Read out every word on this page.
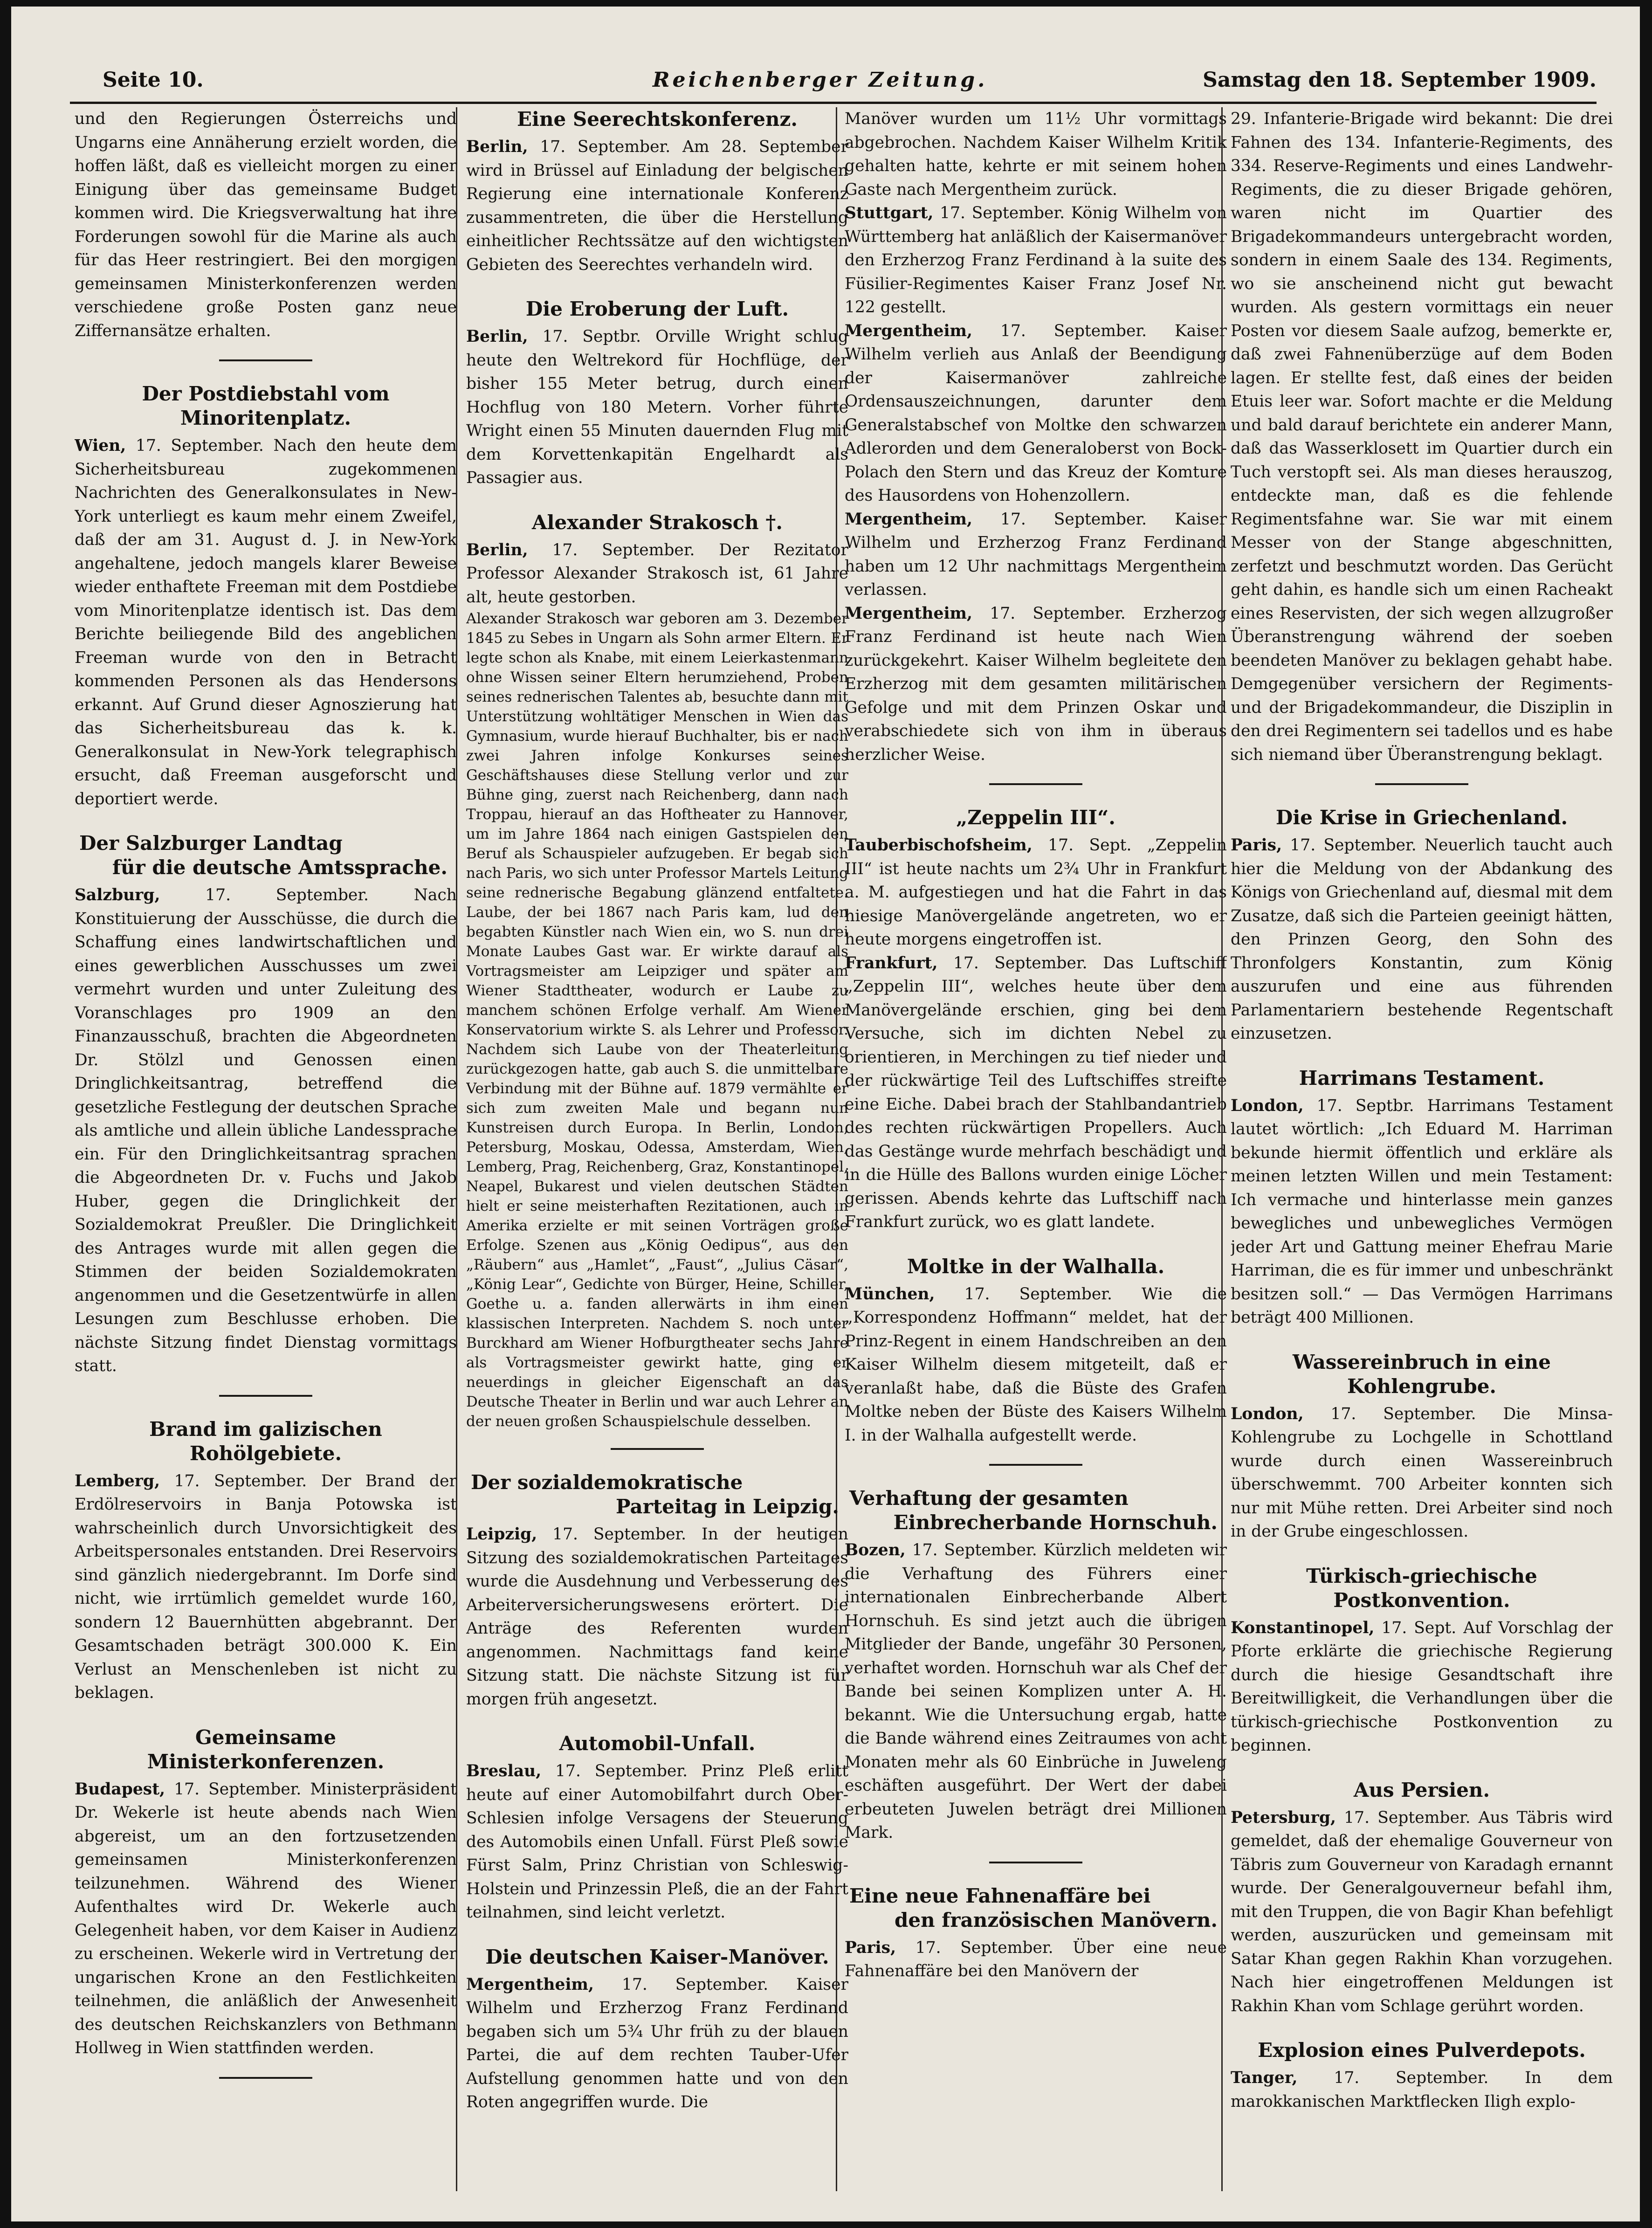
Seite 10.	Reichenberger Zeitung.	Samstag den 18. September 1909.

und den Regierungen Österreichs und Ungarns eine Annäherung erzielt worden, die hoffen läßt, daß es vielleicht morgen zu einer Einigung über das gemeinsame Budget kommen wird. Die Kriegsverwaltung hat ihre Forderungen sowohl für die Marine als auch für das Heer restringiert. Bei den morgigen gemeinsamen Ministerkonferenzen werden verschiedene große Posten ganz neue Ziffernansätze erhalten.

Der Postdiebstahl vom Minoritenplatz.

Wien, 17. September. Nach den heute dem Sicherheitsbureau zugekommenen Nachrichten des Generalkonsulates in New-York unterliegt es kaum mehr einem Zweifel, daß der am 31. August d. J. in New-York angehaltene, jedoch mangels klarer Beweise wieder enthaftete Freeman mit dem Postdiebe vom Minoritenplatze identisch ist. Das dem Berichte beiliegende Bild des angeblichen Freeman wurde von den in Betracht kommenden Personen als das Hendersons erkannt. Auf Grund dieser Agnoszierung hat das Sicherheitsbureau das k. k. Generalkonsulat in New-York telegraphisch ersucht, daß Freeman ausgeforscht und deportiert werde.

Der Salzburger Landtag
für die deutsche Amtssprache.

Salzburg,	17. September. Nach Konstituierung der Ausschüsse, die durch die Schaffung eines landwirtschaftlichen und eines gewerblichen Ausschusses um zwei vermehrt wurden und unter Zuleitung des Voranschlages pro 1909 an den Finanzausschuß, brachten die Abgeordneten Dr. Stölzl und Genossen einen Dringlichkeitsantrag, betreffend die gesetzliche Festlegung der deutschen Sprache als amtliche und allein übliche Landessprache ein. Für den Dringlichkeitsantrag sprachen die Abgeordneten Dr. v. Fuchs und Jakob Huber, gegen die Dringlichkeit der Sozialdemokrat Preußler. Die Dringlichkeit des Antrages wurde mit allen gegen die Stimmen der beiden Sozialdemokraten angenommen und die Gesetzentwürfe in allen Lesungen zum Beschlusse erhoben. Die nächste Sitzung findet Dienstag vormittags statt.

Brand im galizischen Rohölgebiete.

Lemberg, 17. September. Der Brand der Erdölreservoirs in Banja Potowska ist wahrscheinlich durch Unvorsichtigkeit des Arbeitspersonales entstanden. Drei Reservoirs sind gänzlich niedergebrannt. Im Dorfe sind nicht, wie irrtümlich gemeldet wurde 160, sondern 12 Bauernhütten abgebrannt. Der Gesamtschaden beträgt 300.000 K. Ein Verlust an Menschenleben ist nicht zu beklagen.

Gemeinsame Ministerkonferenzen.

Budapest, 17. September. Ministerpräsident Dr. Wekerle ist heute abends nach Wien abgereist, um an den fortzusetzenden gemeinsamen Ministerkonferenzen teilzunehmen. Während des Wiener Aufenthaltes wird Dr. Wekerle auch Gelegenheit haben, vor dem Kaiser in Audienz zu erscheinen. Wekerle wird in Vertretung der ungarischen Krone an den Festlichkeiten teilnehmen, die anläßlich der Anwesenheit des deutschen Reichskanzlers von Bethmann Hollweg in Wien stattfinden werden.

Eine Seerechtskonferenz.

Berlin, 17. September. Am 28. September wird in Brüssel auf Einladung der belgischen Regierung eine internationale Konferenz zusammentreten, die über die Herstellung einheitlicher Rechtssätze auf den wichtigsten Gebieten des Seerechtes verhandeln wird.

Die Eroberung der Luft.

Berlin, 17. Septbr. Orville Wright schlug heute den Weltrekord für Hochflüge, der bisher 155 Meter betrug, durch einen Hochflug von 180 Metern. Vorher führte Wright einen 55 Minuten dauernden Flug mit dem Korvettenkapitän Engelhardt als Passagier aus.

Alexander Strakosch †.

Berlin, 17. September. Der Rezitator Professor Alexander Strakosch ist, 61 Jahre alt, heute gestorben.

Alexander Strakosch war geboren am 3. Dezember 1845 zu Sebes in Ungarn als Sohn armer Eltern. Er legte schon als Knabe, mit einem Leierkastenmann ohne Wissen seiner Eltern herumziehend, Proben seines rednerischen Talentes ab, besuchte dann mit Unterstützung wohltätiger Menschen in Wien das Gymnasium, wurde hierauf Buchhalter, bis er nach zwei Jahren infolge Konkurses seines Geschäftshauses diese Stellung verlor und zur Bühne ging, zuerst nach Reichenberg, dann nach Troppau, hierauf an das Hoftheater zu Hannover, um im Jahre 1864 nach einigen Gastspielen den Beruf als Schauspieler aufzugeben. Er begab sich nach Paris, wo sich unter Professor Martels Leitung seine rednerische Begabung glänzend entfaltete. Laube, der bei 1867 nach Paris kam, lud den begabten Künstler nach Wien ein, wo S. nun drei Monate Laubes Gast war. Er wirkte darauf als Vortragsmeister am Leipziger und später am Wiener Stadttheater, wodurch er Laube zu manchem schönen Erfolge verhalf. Am Wiener Konservatorium wirkte S. als Lehrer und Professor. Nachdem sich Laube von der Theaterleitung zurückgezogen hatte, gab auch S. die unmittelbare Verbindung mit der Bühne auf. 1879 vermählte er sich zum zweiten Male und begann nun Kunstreisen durch Europa. In Berlin, London, Petersburg, Moskau, Odessa, Amsterdam, Wien, Lemberg, Prag, Reichenberg, Graz, Konstantinopel, Neapel, Bukarest und vielen deutschen Städten hielt er seine meisterhaften Rezitationen, auch in Amerika erzielte er mit seinen Vorträgen große Erfolge. Szenen aus „König Oedipus“, aus den „Räubern“ aus „Hamlet“, „Faust“, „Julius Cäsar“, „König Lear“, Gedichte von Bürger, Heine, Schiller, Goethe u. a. fanden allerwärts in ihm einen klassischen Interpreten. Nachdem S. noch unter Burckhard am Wiener Hofburgtheater sechs Jahre als Vortragsmeister gewirkt hatte, ging er neuerdings in gleicher Eigenschaft an das Deutsche Theater in Berlin und war auch Lehrer an der neuen großen Schauspielschule desselben.

Der sozialdemokratische
Parteitag in Leipzig.

Leipzig, 17. September. In der heutigen Sitzung des sozialdemokratischen Parteitages wurde die Ausdehnung und Verbesserung des Arbeiterversicherungswesens erörtert. Die Anträge des Referenten wurden angenommen. Nachmittags fand keine Sitzung statt. Die nächste Sitzung ist für morgen früh angesetzt.

Automobil-Unfall.

Breslau, 17. September. Prinz Pleß erlitt heute auf einer Automobilfahrt durch Ober-Schlesien infolge Versagens der Steuerung des Automobils einen Unfall. Fürst Pleß sowie Fürst Salm, Prinz Christian von Schleswig-Holstein und Prinzessin Pleß, die an der Fahrt teilnahmen, sind leicht verletzt.

Die deutschen Kaiser-Manöver.

Mergentheim, 17. September. Kaiser Wilhelm und Erzherzog Franz Ferdinand begaben sich um 5¾ Uhr früh zu der blauen Partei, die auf dem rechten Tauber-Ufer Aufstellung genommen hatte und von den Roten angegriffen wurde. Die

Manöver wurden um 11½ Uhr vormittags abgebrochen. Nachdem Kaiser Wilhelm Kritik gehalten hatte, kehrte er mit seinem hohen Gaste nach Mergentheim zurück.

Stuttgart, 17. September. König Wilhelm von Württemberg hat anläßlich der Kaisermanöver den Erzherzog Franz Ferdinand à la suite des Füsilier-Regimentes Kaiser Franz Josef Nr. 122 gestellt.

Mergentheim, 17. September. Kaiser Wilhelm verlieh aus Anlaß der Beendigung der Kaisermanöver zahlreiche Ordensauszeichnungen, darunter dem Generalstabschef von Moltke den schwarzen Adlerorden und dem Generaloberst von Bock-Polach den Stern und das Kreuz der Komture des Hausordens von Hohenzollern.

Mergentheim, 17. September. Kaiser Wilhelm und Erzherzog Franz Ferdinand haben um 12 Uhr nachmittags Mergentheim verlassen.

Mergentheim, 17. September. Erzherzog Franz Ferdinand ist heute nach Wien zurückgekehrt. Kaiser Wilhelm begleitete den Erzherzog mit dem gesamten militärischen Gefolge und mit dem Prinzen Oskar und verabschiedete sich von ihm in überaus herzlicher Weise.

„Zeppelin III“.

Tauberbischofsheim, 17. Sept. „Zeppelin III“ ist heute nachts um 2¾ Uhr in Frankfurt a. M. aufgestiegen und hat die Fahrt in das hiesige Manövergelände angetreten, wo er heute morgens eingetroffen ist.

Frankfurt, 17. September. Das Luftschiff „Zeppelin III“, welches heute über dem Manövergelände erschien, ging bei dem Versuche, sich im dichten Nebel zu orientieren, in Merchingen zu tief nieder und der rückwärtige Teil des Luftschiffes streifte eine Eiche. Dabei brach der Stahlbandantrieb des rechten rückwärtigen Propellers. Auch das Gestänge wurde mehrfach beschädigt und in die Hülle des Ballons wurden einige Löcher gerissen. Abends kehrte das Luftschiff nach Frankfurt zurück, wo es glatt landete.

Moltke in der Walhalla.

München, 17. September. Wie die „Korrespondenz Hoffmann“ meldet, hat der Prinz-Regent in einem Handschreiben an den Kaiser Wilhelm diesem mitgeteilt, daß er veranlaßt habe, daß die Büste des Grafen Moltke neben der Büste des Kaisers Wilhelm I. in der Walhalla aufgestellt werde.

Verhaftung der gesamten
Einbrecherbande Hornschuh.

Bozen, 17. September. Kürzlich meldeten wir die Verhaftung des Führers einer internationalen Einbrecherbande Albert Hornschuh. Es sind jetzt auch die übrigen Mitglieder der Bande, ungefähr 30 Personen, verhaftet worden. Hornschuh war als Chef der Bande bei seinen Komplizen unter A. H. bekannt. Wie die Untersuchung ergab, hatte die Bande während eines Zeitraumes von acht Monaten mehr als 60 Einbrüche in Juweleng eschäften ausgeführt. Der Wert der dabei erbeuteten Juwelen beträgt drei Millionen Mark.

Eine neue Fahnenaffäre bei
den französischen Manövern.

Paris, 17. September. Über eine neue Fahnenaffäre bei den Manövern der

29. Infanterie-Brigade wird bekannt: Die drei Fahnen des 134. Infanterie-Regiments, des 334. Reserve-Regiments und eines Landwehr-Regiments, die zu dieser Brigade gehören, waren nicht im Quartier des Brigadekommandeurs untergebracht worden, sondern in einem Saale des 134. Regiments, wo sie anscheinend nicht gut bewacht wurden. Als gestern vormittags ein neuer Posten vor diesem Saale aufzog, bemerkte er, daß zwei Fahnenüberzüge auf dem Boden lagen. Er stellte fest, daß eines der beiden Etuis leer war. Sofort machte er die Meldung und bald darauf berichtete ein anderer Mann, daß das Wasserklosett im Quartier durch ein Tuch verstopft sei. Als man dieses herauszog, entdeckte man, daß es die fehlende Regimentsfahne war. Sie war mit einem Messer von der Stange abgeschnitten, zerfetzt und beschmutzt worden. Das Gerücht geht dahin, es handle sich um einen Racheakt eines Reservisten, der sich wegen allzugroßer Überanstrengung während der soeben beendeten Manöver zu beklagen gehabt habe. Demgegenüber versichern der Regiments- und der Brigadekommandeur, die Disziplin in den drei Regimentern sei tadellos und es habe sich niemand über Überanstrengung beklagt.

Die Krise in Griechenland.

Paris, 17. September. Neuerlich taucht auch hier die Meldung von der Abdankung des Königs von Griechenland auf, diesmal mit dem Zusatze, daß sich die Parteien geeinigt hätten, den Prinzen Georg, den Sohn des Thronfolgers Konstantin, zum König auszurufen und eine aus führenden Parlamentariern bestehende Regentschaft einzusetzen.

Harrimans Testament.

London, 17. Septbr. Harrimans Testament lautet wörtlich: „Ich Eduard M. Harriman bekunde hiermit öffentlich und erkläre als meinen letzten Willen und mein Testament: Ich vermache und hinterlasse mein ganzes bewegliches und unbewegliches Vermögen jeder Art und Gattung meiner Ehefrau Marie Harriman, die es für immer und unbeschränkt besitzen soll.“ — Das Vermögen Harrimans beträgt 400 Millionen.

Wassereinbruch in eine Kohlengrube.

London, 17. September. Die Minsa-Kohlengrube zu Lochgelle in Schottland wurde durch einen Wassereinbruch überschwemmt. 700 Arbeiter konnten sich nur mit Mühe retten. Drei Arbeiter sind noch in der Grube eingeschlossen.

Türkisch-griechische Postkonvention.

Konstantinopel, 17. Sept. Auf Vorschlag der Pforte erklärte die griechische Regierung durch die hiesige Gesandtschaft ihre Bereitwilligkeit, die Verhandlungen über die türkisch-griechische Postkonvention zu beginnen.

Aus Persien.

Petersburg, 17. September. Aus Täbris wird gemeldet, daß der ehemalige Gouverneur von Täbris zum Gouverneur von Karadagh ernannt wurde. Der Generalgouverneur befahl ihm, mit den Truppen, die von Bagir Khan befehligt werden, auszurücken und gemeinsam mit Satar Khan gegen Rakhin Khan vorzugehen. Nach hier eingetroffenen Meldungen ist Rakhin Khan vom Schlage gerührt worden.

Explosion eines Pulverdepots.

Tanger, 17. September. In dem marokkanischen Marktflecken Iligh explo-
